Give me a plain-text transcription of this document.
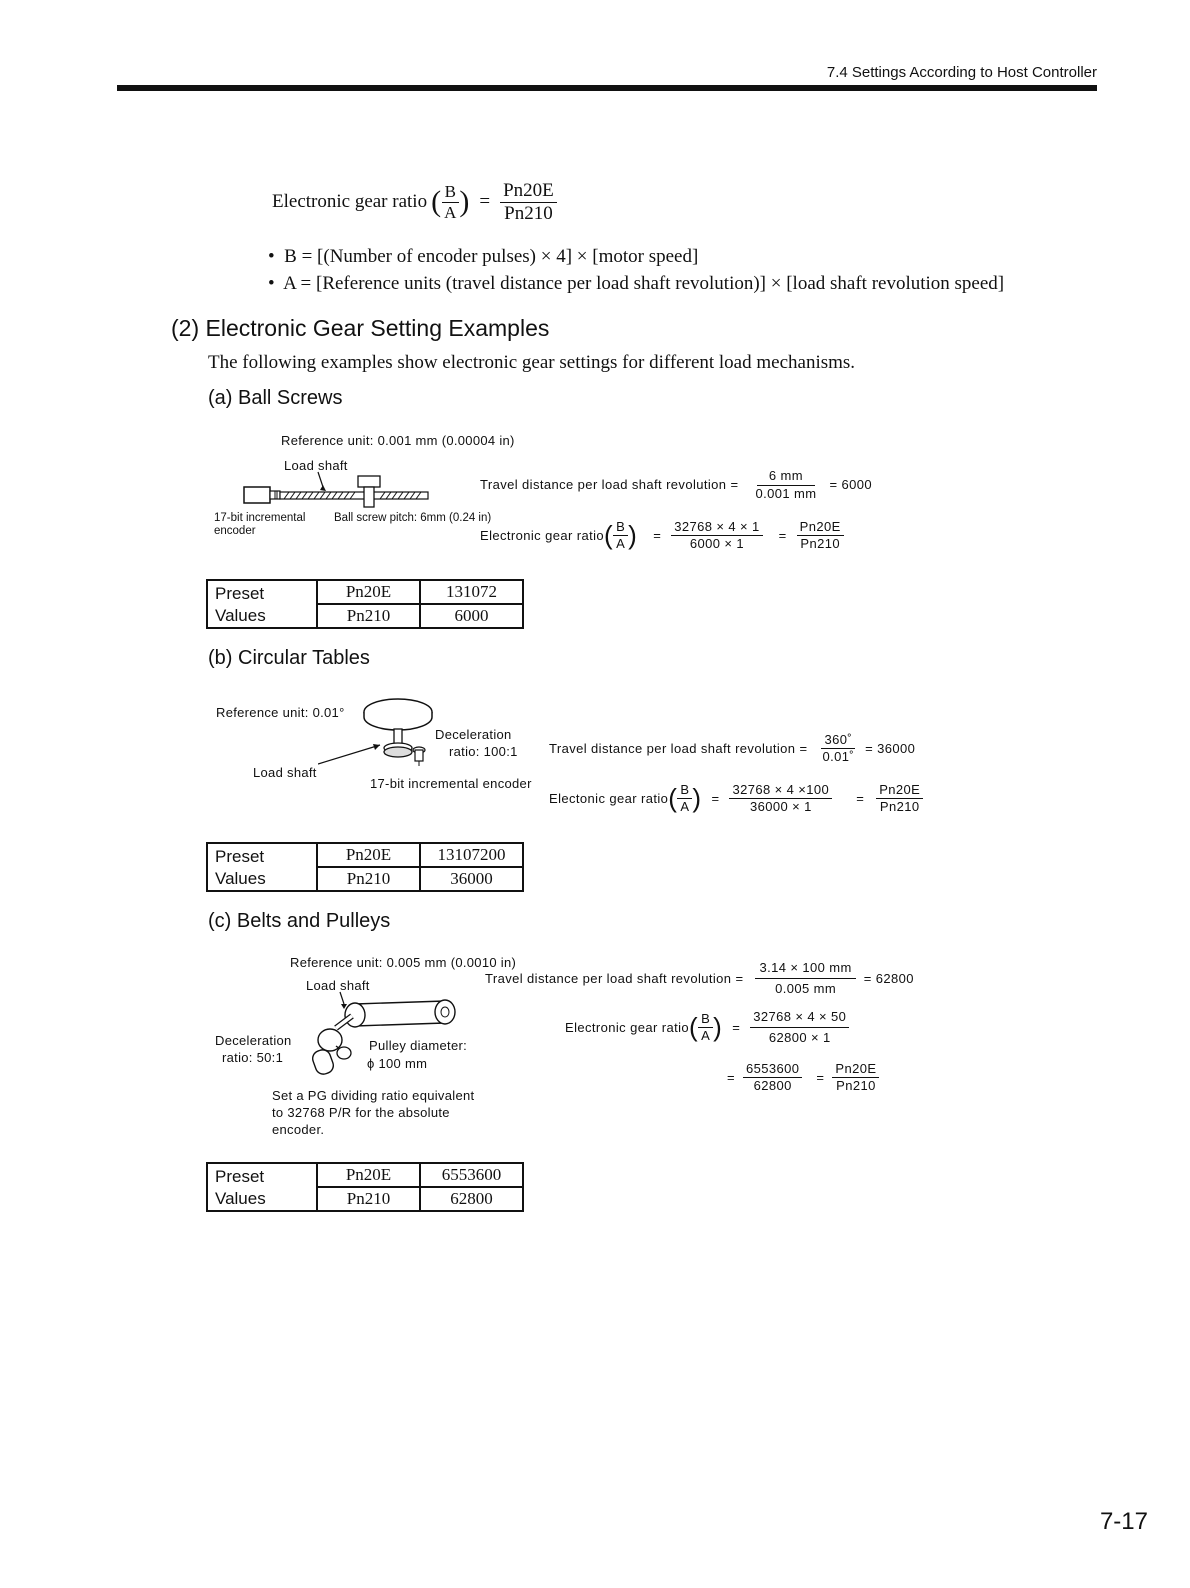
7.4 Settings According to Host Controller
Electronic gear ratio ( $\frac{B}{A}$ ) = $\frac{Pn20E}{Pn210}$
•  B = [(Number of encoder pulses) × 4] × [motor speed]
•  A = [Reference units (travel distance per load shaft revolution)] × [load shaft revolution speed]
(2) Electronic Gear Setting Examples
The following examples show electronic gear settings for different load mechanisms.
(a) Ball Screws
Reference unit: 0.001 mm (0.00004 in)
Load shaft
17-bit incremental encoder
Ball screw pitch: 6mm (0.24 in)
Travel distance per load shaft revolution = $\frac{6 mm}{0.001 mm} = 6000$
Electronic gear ratio ( $\frac{B}{A}$ ) = $\frac{32768 \times 4 \times 1}{6000 \times 1} = \frac{Pn20E}{Pn210}$
Preset
Values	Pn20E	131072
	Pn210	6000
(b) Circular Tables
Reference unit: 0.01°
Deceleration
ratio: 100:1
Load shaft
17-bit incremental encoder
Travel distance per load shaft revolution = $\frac{360˚}{0.01˚} = 36000$
Electonic gear ratio ( $\frac{B}{A}$ ) = $\frac{32768 \times 4 \times 100}{36000 \times 1} = \frac{Pn20E}{Pn210}$
Preset
Values	Pn20E	13107200
	Pn210	36000
(c) Belts and Pulleys
Reference unit: 0.005 mm (0.0010 in)
Load shaft
Deceleration
ratio: 50:1
Pulley diameter:
ϕ 100 mm
Set a PG dividing ratio equivalent
to 32768 P/R for the absolute
encoder.
Travel distance per load shaft revolution = $\frac{3.14 \times 100 mm}{0.005 mm} = 62800$
Electronic gear ratio ( $\frac{B}{A}$ ) = $\frac{32768 \times 4 \times 50}{62800 \times 1}$
= $\frac{6553600}{62800} = \frac{Pn20E}{Pn210}$
Preset
Values	Pn20E	6553600
	Pn210	62800
7-17
